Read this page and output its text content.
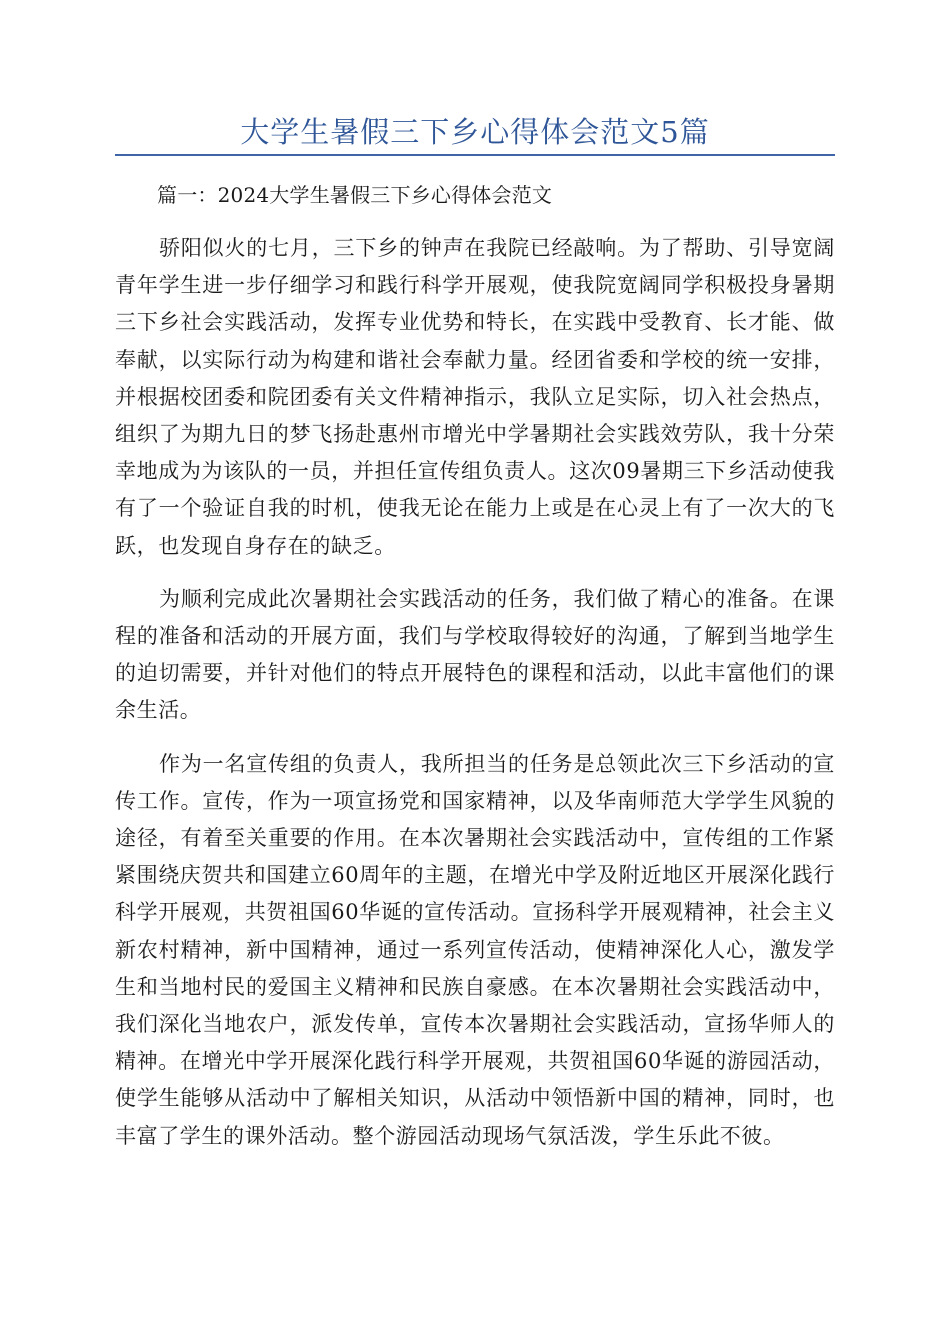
大学生暑假三下乡心得体会范文5篇

篇一：2024大学生暑假三下乡心得体会范文

骄阳似火的七月，三下乡的钟声在我院已经敲响。为了帮助、引导宽阔青年学生进一步仔细学习和践行科学开展观，使我院宽阔同学积极投身暑期三下乡社会实践活动，发挥专业优势和特长，在实践中受教育、长才能、做奉献，以实际行动为构建和谐社会奉献力量。经团省委和学校的统一安排，并根据校团委和院团委有关文件精神指示，我队立足实际，切入社会热点，组织了为期九日的梦飞扬赴惠州市增光中学暑期社会实践效劳队，我十分荣幸地成为为该队的一员，并担任宣传组负责人。这次09暑期三下乡活动使我有了一个验证自我的时机，使我无论在能力上或是在心灵上有了一次大的飞跃，也发现自身存在的缺乏。

为顺利完成此次暑期社会实践活动的任务，我们做了精心的准备。在课程的准备和活动的开展方面，我们与学校取得较好的沟通，了解到当地学生的迫切需要，并针对他们的特点开展特色的课程和活动，以此丰富他们的课余生活。

作为一名宣传组的负责人，我所担当的任务是总领此次三下乡活动的宣传工作。宣传，作为一项宣扬党和国家精神，以及华南师范大学学生风貌的途径，有着至关重要的作用。在本次暑期社会实践活动中，宣传组的工作紧紧围绕庆贺共和国建立60周年的主题，在增光中学及附近地区开展深化践行科学开展观，共贺祖国60华诞的宣传活动。宣扬科学开展观精神，社会主义新农村精神，新中国精神，通过一系列宣传活动，使精神深化人心，激发学生和当地村民的爱国主义精神和民族自豪感。在本次暑期社会实践活动中，我们深化当地农户，派发传单，宣传本次暑期社会实践活动，宣扬华师人的精神。在增光中学开展深化践行科学开展观，共贺祖国60华诞的游园活动，使学生能够从活动中了解相关知识，从活动中领悟新中国的精神，同时，也丰富了学生的课外活动。整个游园活动现场气氛活泼，学生乐此不彼。
